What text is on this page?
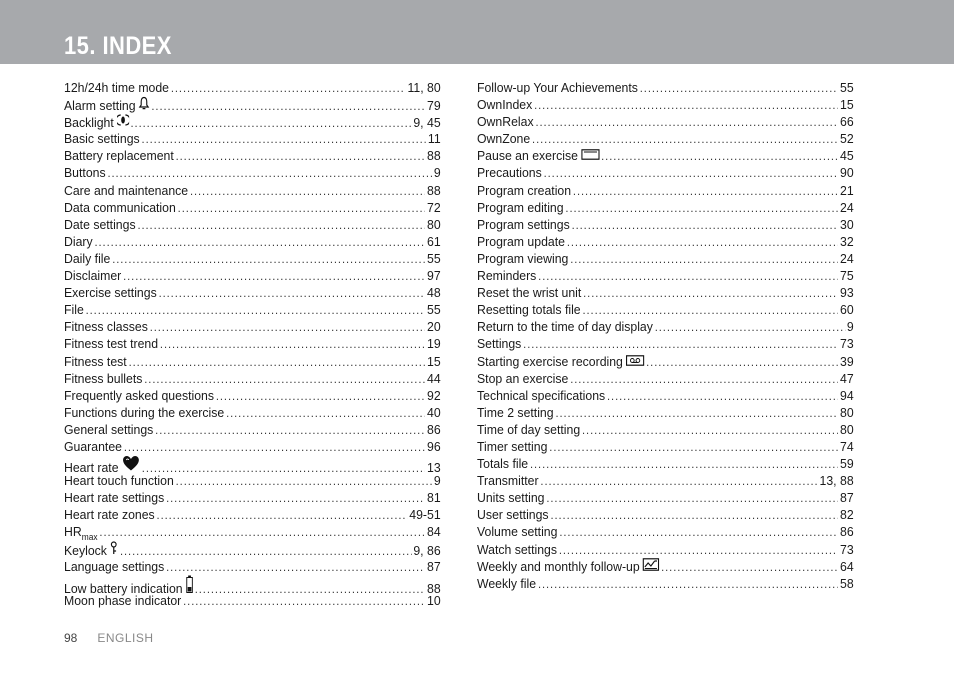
15. INDEX
12h/24h time mode .....	11, 80
Alarm setting .....	79
Backlight .....	9, 45
Basic settings .....	11
Battery replacement .....	88
Buttons .....	9
Care and maintenance .....	88
Data communication .....	72
Date settings .....	80
Diary .....	61
Daily file .....	55
Disclaimer .....	97
Exercise settings .....	48
File .....	55
Fitness classes .....	20
Fitness test trend .....	19
Fitness test .....	15
Fitness bullets .....	44
Frequently asked questions .....	92
Functions during the exercise .....	40
General settings .....	86
Guarantee .....	96
Heart rate .....	13
Heart touch function .....	9
Heart rate settings .....	81
Heart rate zones .....	49-51
HR max .....	84
Keylock .....	9, 86
Language settings .....	87
Low battery indication .....	88
Moon phase indicator .....	10
Follow-up Your Achievements .....	55
OwnIndex .....	15
OwnRelax .....	66
OwnZone .....	52
Pause an exercise .....	45
Precautions .....	90
Program creation .....	21
Program editing .....	24
Program settings .....	30
Program update .....	32
Program viewing .....	24
Reminders .....	75
Reset the wrist unit .....	93
Resetting totals file .....	60
Return to the time of day display .....	9
Settings .....	73
Starting exercise recording .....	39
Stop an exercise .....	47
Technical specifications .....	94
Time 2 setting .....	80
Time of day setting .....	80
Timer setting .....	74
Totals file .....	59
Transmitter .....	13, 88
Units setting .....	87
User settings .....	82
Volume setting .....	86
Watch settings .....	73
Weekly and monthly follow-up .....	64
Weekly file .....	58
98 ENGLISH
